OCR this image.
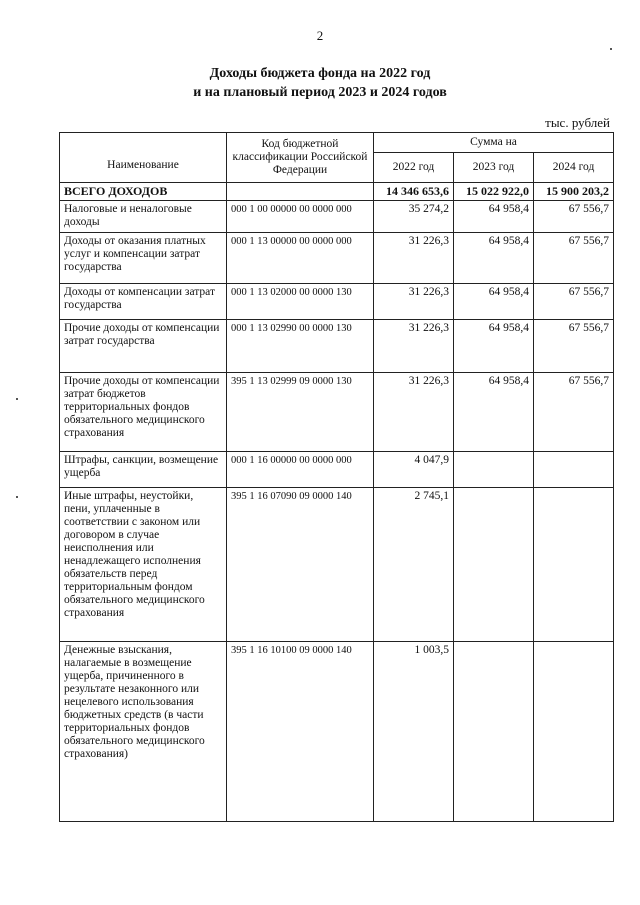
2
Доходы бюджета фонда на 2022 год
и на плановый период 2023 и 2024 годов
тыс. рублей
Наименование	Код бюджетной классификации Российской Федерации	Сумма на		
		2022 год	2023 год	2024 год
ВСЕГО ДОХОДОВ		14 346 653,6	15 022 922,0	15 900 203,2
Налоговые и неналоговые доходы	000 1 00 00000 00 0000 000	35 274,2	64 958,4	67 556,7
Доходы от оказания платных услуг и компенсации затрат государства	000 1 13 00000 00 0000 000	31 226,3	64 958,4	67 556,7
Доходы от компенсации затрат государства	000 1 13 02000 00 0000 130	31 226,3	64 958,4	67 556,7
Прочие доходы от компенсации затрат государства	000 1 13 02990 00 0000 130	31 226,3	64 958,4	67 556,7
Прочие доходы от компенсации затрат бюджетов территориальных фондов обязательного медицинского страхования	395 1 13 02999 09 0000 130	31 226,3	64 958,4	67 556,7
Штрафы, санкции, возмещение ущерба	000 1 16 00000 00 0000 000	4 047,9		
Иные штрафы, неустойки, пени, уплаченные в соответствии с законом или договором в случае неисполнения или ненадлежащего исполнения обязательств перед территориальным фондом обязательного медицинского страхования	395 1 16 07090 09 0000 140	2 745,1		
Денежные взыскания, налагаемые в возмещение ущерба, причиненного в результате незаконного или нецелевого использования бюджетных средств (в части территориальных фондов обязательного медицинского страхования)	395 1 16 10100 09 0000 140	1 003,5		
